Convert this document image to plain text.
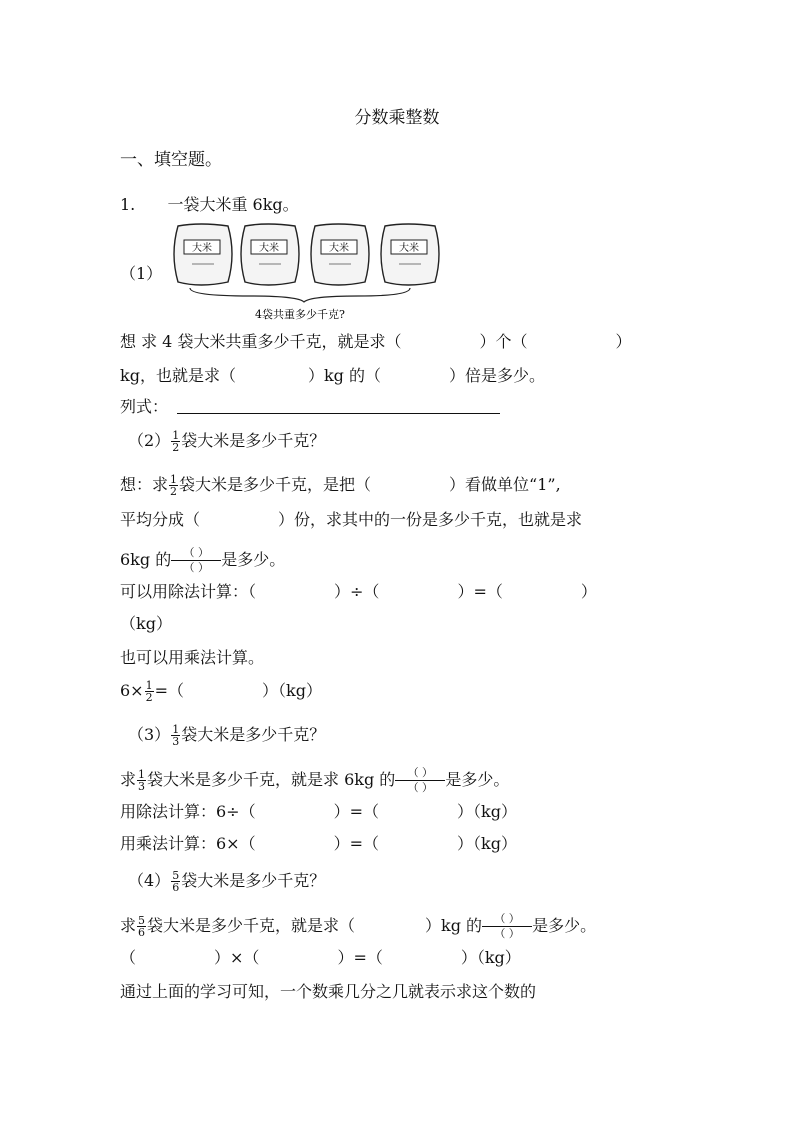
分数乘整数
一、填空题。
1. 一袋大米重 6kg。
（1）
大米	大米	大米	大米
4袋共重多少千克?
想 求 4 袋大米共重多少千克，就是求（	）个（	）
kg，也就是求（	）kg 的（	）倍是多少。
列式：
$(2) \frac{1}{2}$ 袋大米是多少千克？
想：求 $\frac{1}{2}$ 袋大米是多少千克，是把（	）看做单位“1”,
平均分成（	）份，求其中的一份是多少千克，也就是求
6kg 的 $\frac{( )}{( )}$ 是多少。
可以用除法计算：（	）÷（	）=（	）
（kg）
也可以用乘法计算。
$6\times \frac{1}{2}$ =（	）（kg）
$(3) \frac{1}{3}$ 袋大米是多少千克？
求 $\frac{1}{3}$ 袋大米是多少千克，就是求 6kg 的 $\frac{( )}{( )}$ 是多少。
用除法计算：6÷（	）=（	）（kg）
用乘法计算：6×（	）=（	）（kg）
$(4) \frac{5}{6}$ 袋大米是多少千克？
求 $\frac{5}{6}$ 袋大米是多少千克，就是求（	）kg 的 $\frac{( )}{( )}$ 是多少。
（	）×（	）=（	）（kg）
通过上面的学习可知，一个数乘几分之几就表示求这个数的
